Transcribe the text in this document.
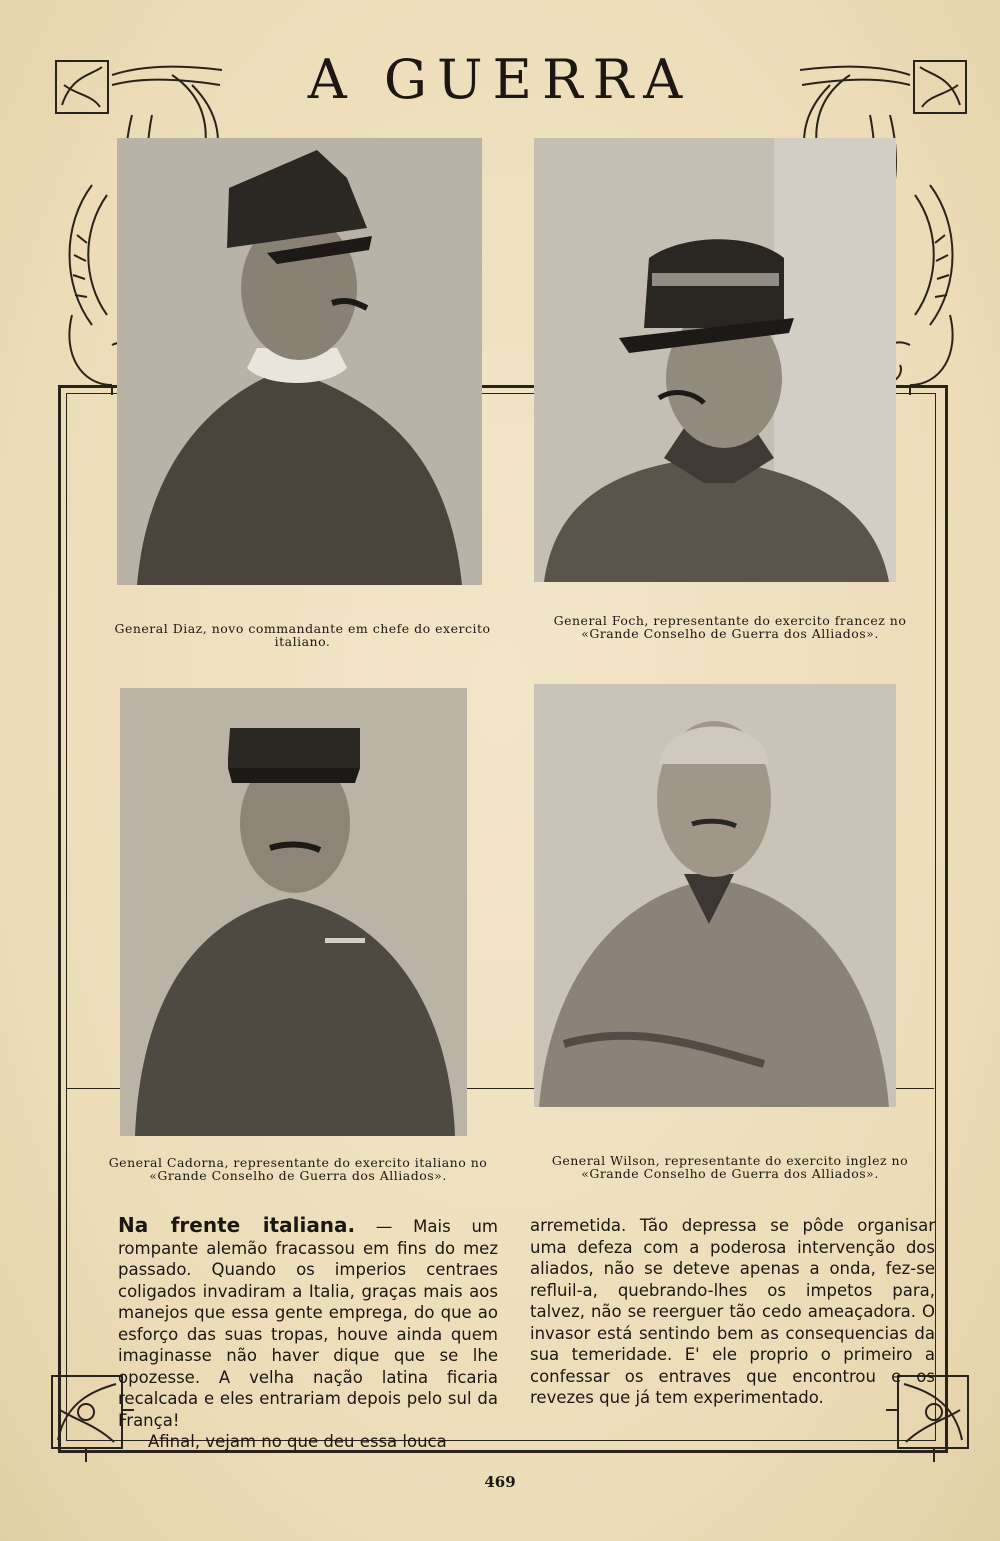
A GUERRA

General Diaz, novo commandante em chefe do exercito italiano.

General Foch, representante do exercito francez no «Grande Conselho de Guerra dos Alliados».

General Cadorna, representante do exercito italiano no «Grande Conselho de Guerra dos Alliados».

General Wilson, representante do exercito inglez no «Grande Conselho de Guerra dos Alliados».

Na frente italiana. — Mais um rompante alemão fracassou em fins do mez passado. Quando os imperios centraes coligados invadiram a Italia, graças mais aos manejos que essa gente emprega, do que ao esforço das suas tropas, houve ainda quem imaginasse não haver dique que se lhe opozesse. A velha nação latina ficaria recalcada e eles entrariam depois pelo sul da França!

Afinal, vejam no que deu essa louca

arremetida. Tão depressa se pôde organisar uma defeza com a poderosa intervenção dos aliados, não se deteve apenas a onda, fez-se refluil-a, quebrando-lhes os impetos para, talvez, não se reerguer tão cedo ameaçadora. O invasor está sentindo bem as consequencias da sua temeridade. E' ele proprio o primeiro a confessar os entraves que encontrou e os revezes que já tem experimentado.

469
